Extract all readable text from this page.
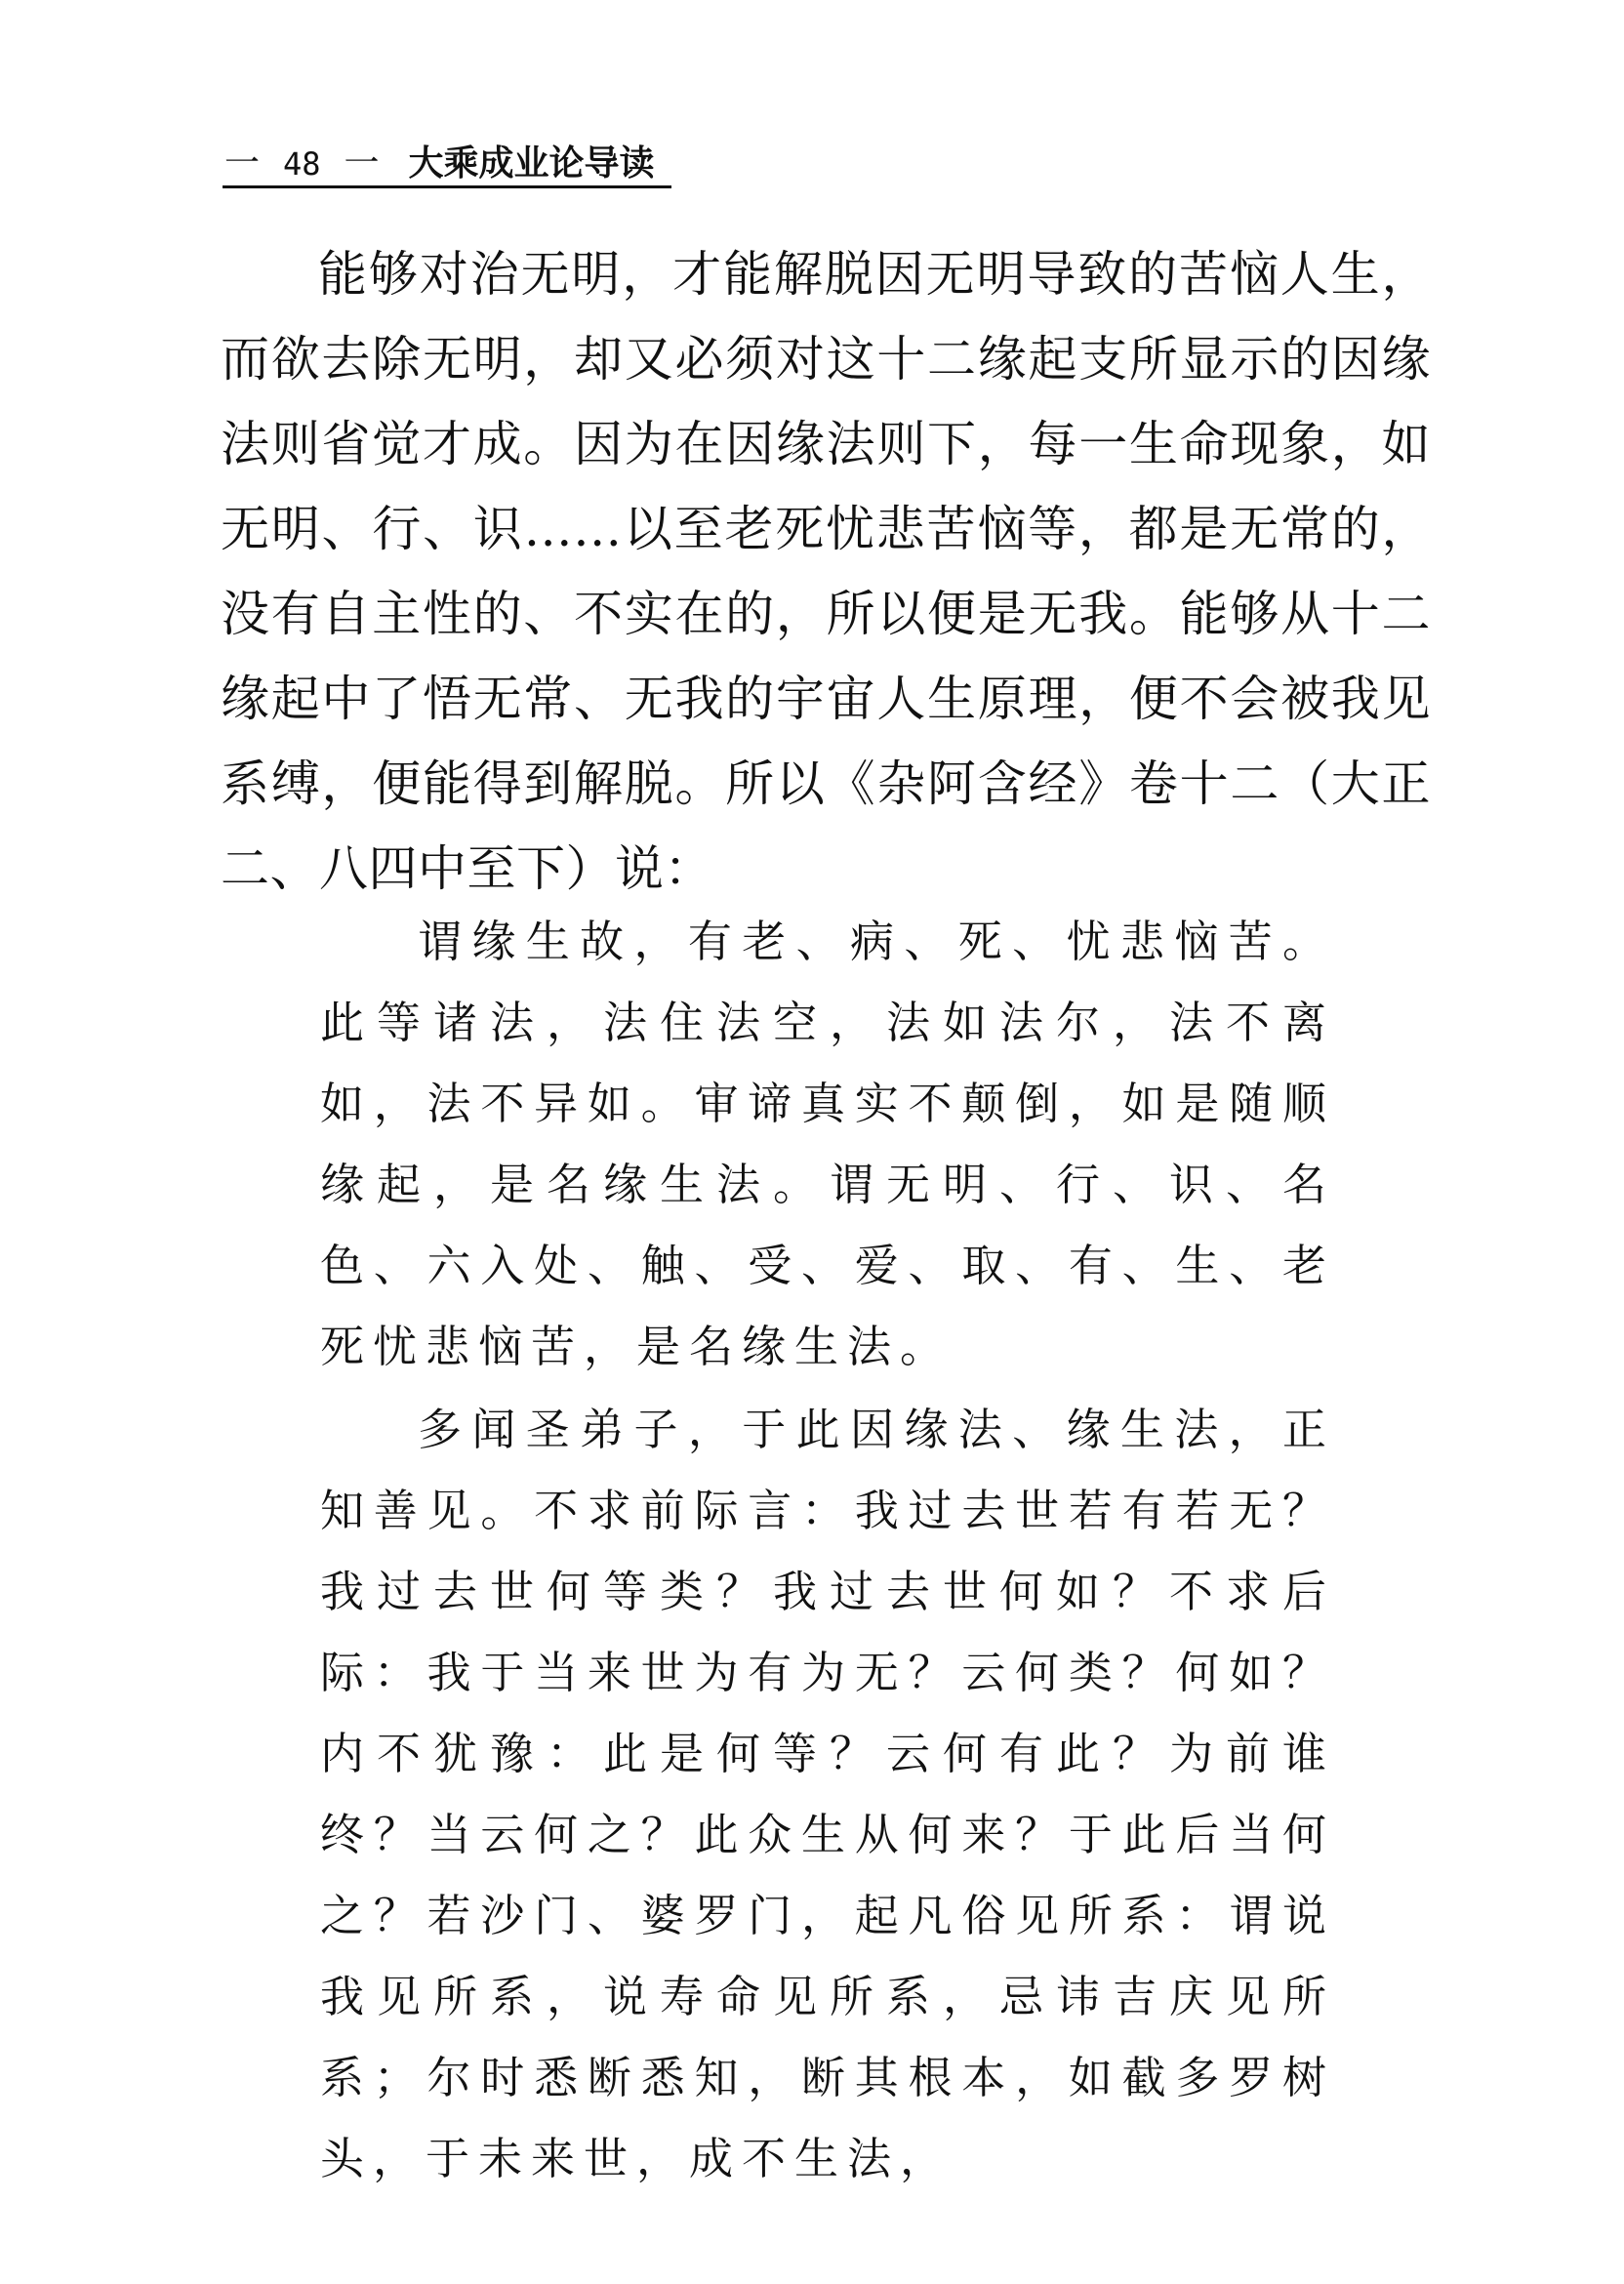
一 48 一 大乘成业论导读

能够对治无明，才能解脱因无明导致的苦恼人生，而欲去除无明，却又必须对这十二缘起支所显示的因缘法则省觉才成。因为在因缘法则下，每一生命现象，如无明、行、识……以至老死忧悲苦恼等，都是无常的，没有自主性的、不实在的，所以便是无我。能够从十二缘起中了悟无常、无我的宇宙人生原理，便不会被我见系缚，便能得到解脱。所以《杂阿含经》卷十二（大正二、八四中至下）说：

谓缘生故，有老、病、死、忧悲恼苦。此等诸法，法住法空，法如法尔，法不离如，法不异如。审谛真实不颠倒，如是随顺缘起，是名缘生法。谓无明、行、识、名色、六入处、触、受、爱、取、有、生、老死忧悲恼苦，是名缘生法。

多闻圣弟子，于此因缘法、缘生法，正知善见。不求前际言：我过去世若有若无？我过去世何等类？我过去世何如？不求后际：我于当来世为有为无？云何类？何如？内不犹豫：此是何等？云何有此？为前谁终？当云何之？此众生从何来？于此后当何之？若沙门、婆罗门，起凡俗见所系：谓说我见所系，说寿命见所系，忌讳吉庆见所系；尔时悉断悉知，断其根本，如截多罗树头，于未来世，成不生法，
